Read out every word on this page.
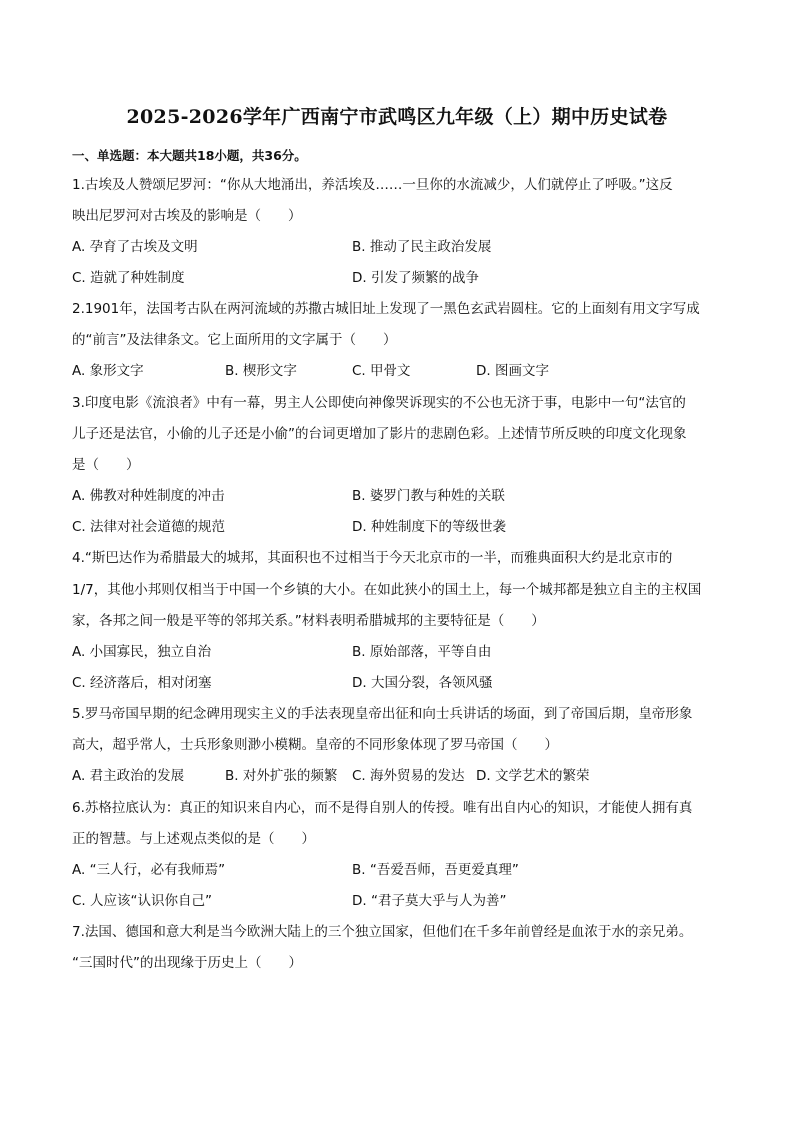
2025-2026学年广西南宁市武鸣区九年级（上）期中历史试卷
一、单选题：本大题共18小题，共36分。
1.古埃及人赞颂尼罗河：“你从大地涌出，养活埃及……一旦你的水流减少，人们就停止了呼吸。”这反
映出尼罗河对古埃及的影响是（　　）
A. 孕育了古埃及文明	B. 推动了民主政治发展
C. 造就了种姓制度	D. 引发了频繁的战争
2.1901年，法国考古队在两河流域的苏撒古城旧址上发现了一黑色玄武岩圆柱。它的上面刻有用文字写成
的“前言”及法律条文。它上面所用的文字属于（　　）
A. 象形文字	B. 楔形文字	C. 甲骨文	D. 图画文字
3.印度电影《流浪者》中有一幕，男主人公即使向神像哭诉现实的不公也无济于事，电影中一句“法官的
儿子还是法官，小偷的儿子还是小偷”的台词更增加了影片的悲剧色彩。上述情节所反映的印度文化现象
是（　　）
A. 佛教对种姓制度的冲击	B. 婆罗门教与种姓的关联
C. 法律对社会道德的规范	D. 种姓制度下的等级世袭
4.“斯巴达作为希腊最大的城邦，其面积也不过相当于今天北京市的一半，而雅典面积大约是北京市的
1/7，其他小邦则仅相当于中国一个乡镇的大小。在如此狭小的国土上，每一个城邦都是独立自主的主权国
家，各邦之间一般是平等的邻邦关系。”材料表明希腊城邦的主要特征是（　　）
A. 小国寡民，独立自治	B. 原始部落，平等自由
C. 经济落后，相对闭塞	D. 大国分裂，各领风骚
5.罗马帝国早期的纪念碑用现实主义的手法表现皇帝出征和向士兵讲话的场面，到了帝国后期，皇帝形象
高大，超乎常人，士兵形象则渺小模糊。皇帝的不同形象体现了罗马帝国（　　）
A. 君主政治的发展	B. 对外扩张的频繁 C. 海外贸易的发达 D. 文学艺术的繁荣
6.苏格拉底认为：真正的知识来自内心，而不是得自别人的传授。唯有出自内心的知识，才能使人拥有真
正的智慧。与上述观点类似的是（　　）
A. “三人行，必有我师焉”	B. “吾爱吾师，吾更爱真理”
C. 人应该“认识你自己”	D. “君子莫大乎与人为善”
7.法国、德国和意大利是当今欧洲大陆上的三个独立国家，但他们在千多年前曾经是血浓于水的亲兄弟。
“三国时代”的出现缘于历史上（　　）
